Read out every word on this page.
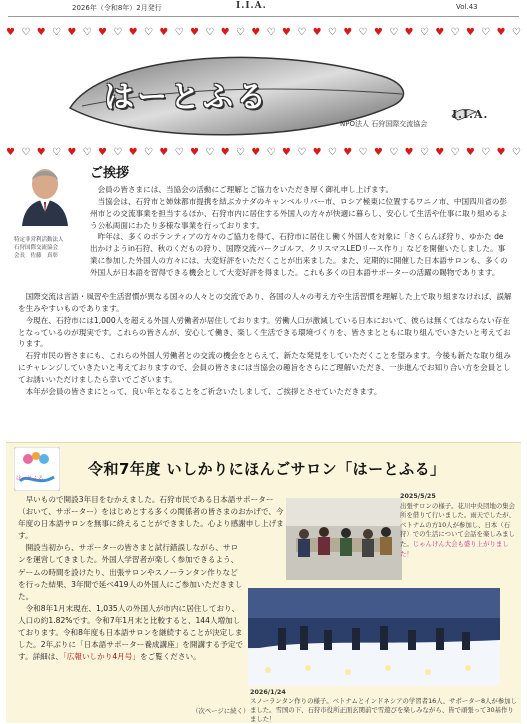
2026年（令和8年）2月発行	I.I.A.	Vol.43
♥ ♡ ♥ ♡ ♥ ♡ ♥ ♡ ♥ ♡ ♥ ♡ ♥ ♡ ♥ ♡ ♥ ♡ ♥ ♡ ♥ ♡ ♥ ♡ ♥ ♡ ♥ ♡ ♥ ♡ ♥ ♡ ♥ ♡
はーとふる
NPO法人 石狩国際交流協会
I.I.A.
♥ ♡ ♥ ♡ ♥ ♡ ♥ ♡ ♥ ♡ ♥ ♡ ♥ ♡ ♥ ♡ ♥ ♡ ♥ ♡ ♥ ♡ ♥ ♡ ♥ ♡ ♥ ♡ ♥ ♡ ♥ ♡ ♥ ♡
特定非営利活動法人
石狩国際交流協会
会長　佐藤　真彰
ご挨拶

　会員の皆さまには、当協会の活動にご理解とご協力をいただき厚く御礼申し上げます。

　当協会は、石狩市と姉妹都市提携を結ぶカナダのキャンベルリバー市、ロシア極東に位置するワニノ市、中国四川省の彭州市との交流事業を担当するほか、石狩市内に居住する外国人の方々が快適に暮らし、安心して生活や仕事に取り組めるよう公私両面にわたり多様な事業を行っております。

　昨年は、多くのボランティアの方々のご協力を得て、石狩市に居住し働く外国人を対象に「さくらんぼ狩り、ゆかた de出かけようin石狩、秋のくだもの狩り、国際交流パークゴルフ、クリスマスLEDリース作り」などを開催いたしました。事業に参加した外国人の方々には、大変好評をいただくことが出来ました。また、定期的に開催した日本語サロンも、多くの外国人が日本語を習得できる機会として大変好評を得ました。これも多くの日本語サポーターの活躍の賜物であります。

　国際交流は言語・風習や生活習慣が異なる国々の人々との交流であり、各国の人々の考え方や生活習慣を理解した上で取り組まなければ、誤解を生みやすいものであります。

　今現在、石狩市には1,000人を超える外国人労働者が居住しております。労働人口が激減している日本において、彼らは無くてはならない存在となっているのが現実です。これらの皆さんが、安心して働き、楽しく生活できる環境づくりを、皆さまとともに取り組んでいきたいと考えております。

　石狩市民の皆さまにも、これらの外国人労働者との交流の機会をとらえて、新たな発見をしていただくことを望みます。今後も新たな取り組みにチャレンジしていきたいと考えておりますので、会員の皆さまには当協会の趣旨をさらにご理解いただき、一歩進んでお知り合い方を会員としてお誘いいただけましたら幸いでございます。

　本年が会員の皆さまにとって、良い年となることをご祈念いたしまして、ご挨拶とさせていただきます。

はーとふる
令和7年度 いしかりにほんごサロン「はーとふる」

　早いもので開設3年目をむかえました。石狩市民である日本語サポーター（おいて、サポーター）をはじめとする多くの関係者の皆さまのおかげで、今年度の日本語サロンを無事に終えることができました。心より感謝申し上げます。

　開設当初から、サポーターの皆さまと試行錯誤しながら、サロンを運営してきました。外国人学習者が楽しく参加できるよう、ゲームの時間を設けたり、出張サロンやスノーランタン作りなどを行った結果、3年間で延べ419人の外国人にご参加いただきました。

　令和8年1月末現在、1,035人の外国人が市内に居住しており、人口の約1.82%です。令和7年1月末と比較すると、144人増加しております。令和8年度も日本語サロンを継続することが決定しました。2年ぶりに「日本語サポーター養成講座」を開講する予定です。詳細は、「広報いしかり4月号」をご覧ください。

（次ページに続く）
2025/5/25
出張サロンの様子。花川中央団地の集会所を借りて行いました。雨天でしたが、ベトナムの方10人が参加し、日本（石狩）での生活について会話を楽しみました。じゃんけん大会も盛り上がりました！
2026/1/24
スノーランタン作りの様子。ベトナムとインドネシアの学習者16人、サポーター8人が参加しました。雪国の下、石狩市役所正面玄関前で雪遊びを楽しみながら、皆で頑張って30基作りました！
